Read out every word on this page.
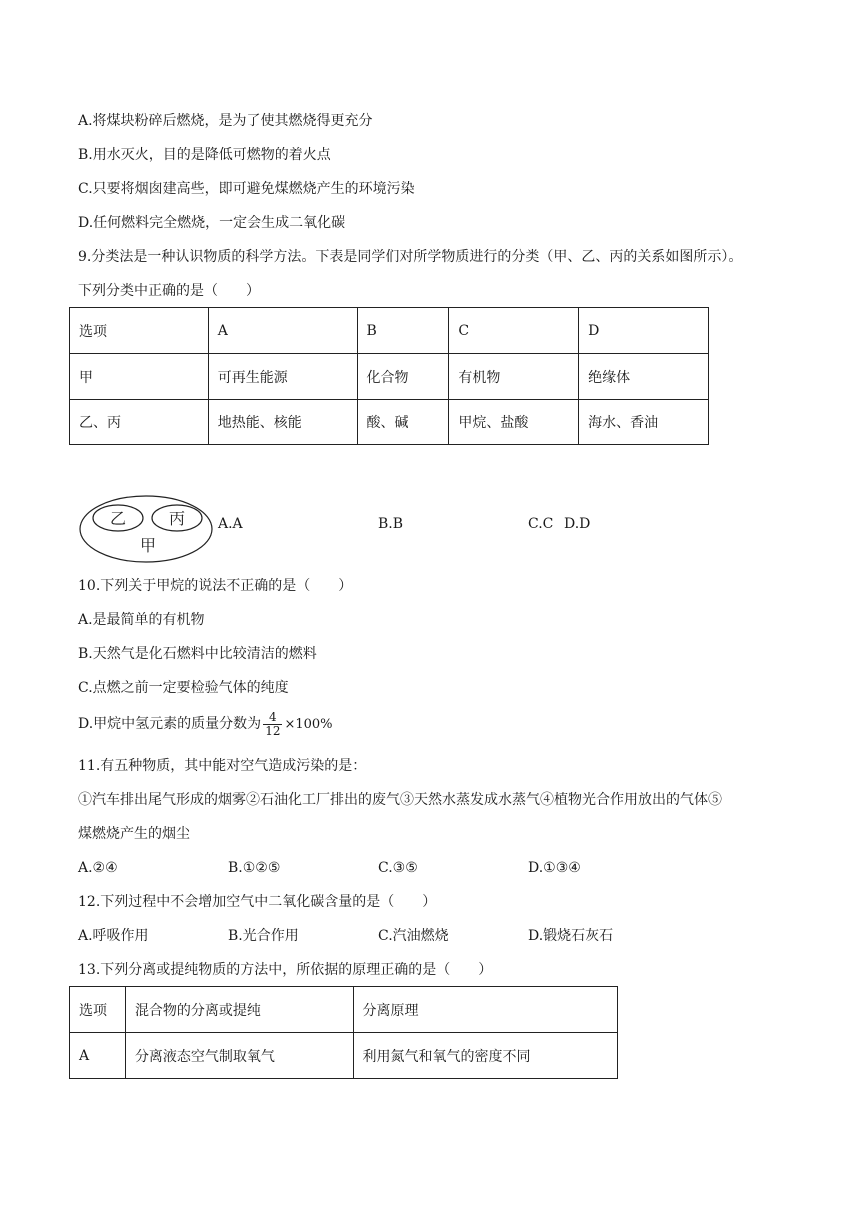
A.将煤块粉碎后燃烧，是为了使其燃烧得更充分
B.用水灭火，目的是降低可燃物的着火点
C.只要将烟囱建高些，即可避免煤燃烧产生的环境污染
D.任何燃料完全燃烧，一定会生成二氧化碳
9.分类法是一种认识物质的科学方法。下表是同学们对所学物质进行的分类（甲、乙、丙的关系如图所示）。
下列分类中正确的是（　　）
选项	A	B	C	D
甲	可再生能源	化合物	有机物	绝缘体
乙、丙	地热能、核能	酸、碱	甲烷、盐酸	海水、香油
乙	丙
甲
A.A	B.B	C.C D.D
10.下列关于甲烷的说法不正确的是（　　）
A.是最简单的有机物
B.天然气是化石燃料中比较清洁的燃料
C.点燃之前一定要检验气体的纯度
D.甲烷中氢元素的质量分数为 $\frac{4}{12} \times 100\%$
11.有五种物质，其中能对空气造成污染的是：
①汽车排出尾气形成的烟雾②石油化工厂排出的废气③天然水蒸发成水蒸气④植物光合作用放出的气体⑤
煤燃烧产生的烟尘
A.②④	B.①②⑤	C.③⑤	D.①③④
12.下列过程中不会增加空气中二氧化碳含量的是（　　）
A.呼吸作用	B.光合作用	C.汽油燃烧	D.锻烧石灰石
13.下列分离或提纯物质的方法中，所依据的原理正确的是（　　）
选项	混合物的分离或提纯	分离原理
A	分离液态空气制取氧气	利用氮气和氧气的密度不同
